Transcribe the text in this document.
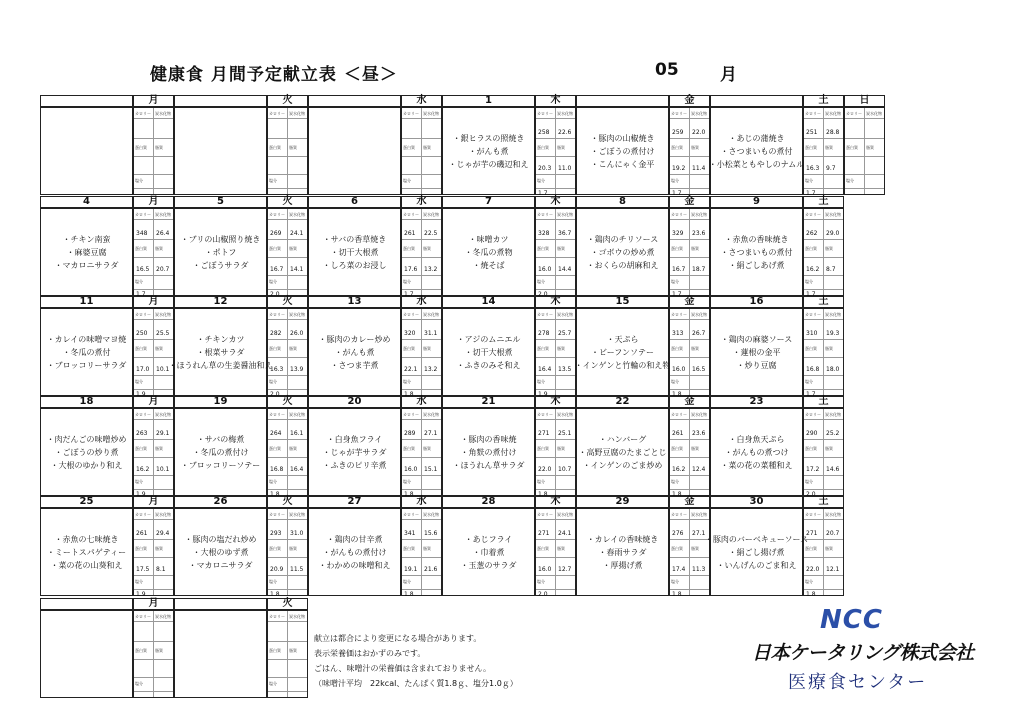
健康食 月間予定献立表 ＜昼＞	05 月
月
カロリー 炭水化物
蛋白質 脂質
塩分
火
カロリー 炭水化物
蛋白質 脂質
塩分
水
カロリー 炭水化物
蛋白質 脂質
塩分
1	木
・銀ヒラスの照焼き
・がんも煮
・じゃが芋の磯辺和え
カロリー 炭水化物
蛋白質 脂質
塩分
258 22.6
20.3 11.0
1.7
金
・豚肉の山椒焼き
・ごぼうの煮付け
・こんにゃく金平
カロリー 炭水化物
蛋白質 脂質
塩分
259 22.0
19.2 11.4
1.7
土
・あじの蒲焼き
・さつまいもの煮付
・小松菜ともやしのナムル
カロリー 炭水化物
蛋白質 脂質
塩分
251 28.8
16.3 9.7
1.7
日
カロリー 炭水化物
蛋白質 脂質
塩分
4	月
・チキン南蛮
・麻婆豆腐
・マカロニサラダ
カロリー 炭水化物
蛋白質 脂質
塩分
348 26.4
16.5 20.7
1.7
5	火
・ブリの山椒照り焼き
・ポトフ
・ごぼうサラダ
カロリー 炭水化物
蛋白質 脂質
塩分
269 24.1
16.7 14.1
2.0
6	水
・サバの香草焼き
・切干大根煮
・しろ菜のお浸し
カロリー 炭水化物
蛋白質 脂質
塩分
261 22.5
17.6 13.2
1.7
7	木
・味噌カツ
・冬瓜の煮物
・焼そば
カロリー 炭水化物
蛋白質 脂質
塩分
328 36.7
16.0 14.4
2.0
8	金
・鶏肉のチリソース
・ゴボウの炒め煮
・おくらの胡麻和え
カロリー 炭水化物
蛋白質 脂質
塩分
329 23.6
16.7 18.7
1.7
9	土
・赤魚の香味焼き
・さつまいもの煮付
・絹ごしあげ煮
カロリー 炭水化物
蛋白質 脂質
塩分
262 29.0
16.2 8.7
1.7
11	月
・カレイの味噌マヨ焼
・冬瓜の煮付
・ブロッコリーサラダ
カロリー 炭水化物
蛋白質 脂質
塩分
250 25.5
17.0 10.1
1.9
12	火
・チキンカツ
・根菜サラダ
・ほうれん草の生姜醤油和え
カロリー 炭水化物
蛋白質 脂質
塩分
282 26.0
16.3 13.9
2.0
13	水
・豚肉のカレー炒め
・がんも煮
・さつま芋煮
カロリー 炭水化物
蛋白質 脂質
塩分
320 31.1
22.1 13.2
1.8
14	木
・アジのムニエル
・切干大根煮
・ふきのみそ和え
カロリー 炭水化物
蛋白質 脂質
塩分
278 25.7
16.4 13.5
1.9
15	金
・天ぷら
・ビーフンソテー
・インゲンと竹輪の和え物
カロリー 炭水化物
蛋白質 脂質
塩分
313 26.7
16.0 16.5
1.8
16	土
・鶏肉の麻婆ソース
・蓮根の金平
・炒り豆腐
カロリー 炭水化物
蛋白質 脂質
塩分
310 19.3
16.8 18.0
1.7
18	月
・肉だんごの味噌炒め
・ごぼうの炒り煮
・大根のゆかり和え
カロリー 炭水化物
蛋白質 脂質
塩分
263 29.1
16.2 10.1
1.9
19	火
・サバの梅煮
・冬瓜の煮付け
・ブロッコリーソテー
カロリー 炭水化物
蛋白質 脂質
塩分
264 16.1
16.8 16.4
1.8
20	水
・白身魚フライ
・じゃが芋サラダ
・ふきのピリ辛煮
カロリー 炭水化物
蛋白質 脂質
塩分
289 27.1
16.0 15.1
1.8
21	木
・豚肉の香味焼
・角麩の煮付け
・ほうれん草サラダ
カロリー 炭水化物
蛋白質 脂質
塩分
271 25.1
22.0 10.7
1.8
22	金
・ハンバーグ
・高野豆腐のたまごとじ
・インゲンのごま炒め
カロリー 炭水化物
蛋白質 脂質
塩分
261 23.6
16.2 12.4
1.8
23	土
・白身魚天ぷら
・がんもの煮つけ
・菜の花の菜種和え
カロリー 炭水化物
蛋白質 脂質
塩分
290 25.2
17.2 14.6
2.0
25	月
・赤魚の七味焼き
・ミートスパゲティー
・菜の花の山葵和え
カロリー 炭水化物
蛋白質 脂質
塩分
261 29.4
17.5 8.1
1.9
26	火
・豚肉の塩だれ炒め
・大根のゆず煮
・マカロニサラダ
カロリー 炭水化物
蛋白質 脂質
塩分
293 31.0
20.9 11.5
1.8
27	水
・鶏肉の甘辛煮
・がんもの煮付け
・わかめの味噌和え
カロリー 炭水化物
蛋白質 脂質
塩分
341 15.6
19.1 21.6
1.8
28	木
・あじフライ
・巾着煮
・玉葱のサラダ
カロリー 炭水化物
蛋白質 脂質
塩分
271 24.1
16.0 12.7
2.0
29	金
・カレイの香味焼き
・春雨サラダ
・厚揚げ煮
カロリー 炭水化物
蛋白質 脂質
塩分
276 27.1
17.4 11.3
1.8
30	土
・豚肉のバーベキューソース
・絹ごし揚げ煮
・いんげんのごま和え
カロリー 炭水化物
蛋白質 脂質
塩分
271 20.7
22.0 12.1
1.8
月
カロリー 炭水化物
蛋白質 脂質
塩分
火
カロリー 炭水化物
蛋白質 脂質
塩分
献立は都合により変更になる場合があります。
表示栄養価はおかずのみです。
ごはん、味噌汁の栄養価は含まれておりません。
（味噌汁平均　22kcal、たんぱく質1.8ｇ、塩分1.0ｇ）
NCC
日本ケータリング株式会社
医療食センター
